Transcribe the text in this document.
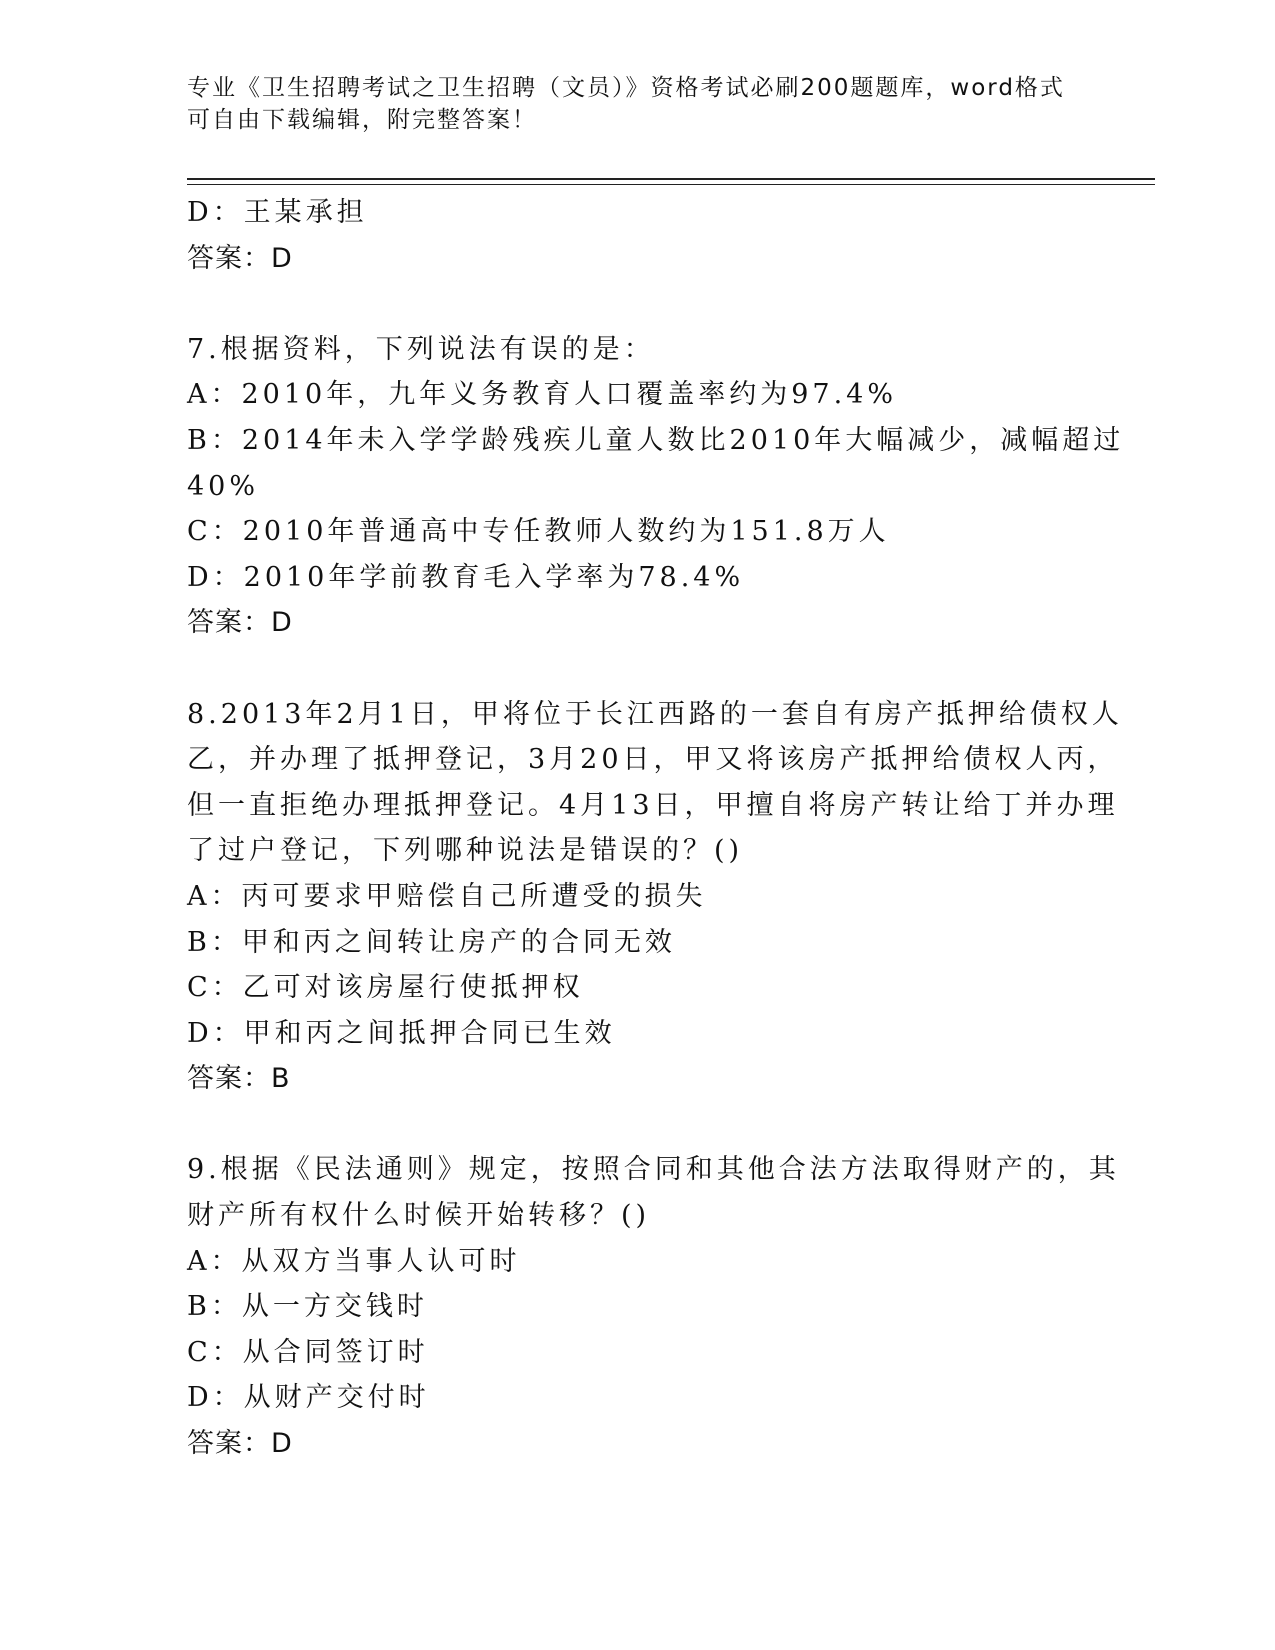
专业《卫生招聘考试之卫生招聘（文员）》资格考试必刷200题题库，word格式
可自由下载编辑，附完整答案！
D：王某承担
答案：D
7.根据资料，下列说法有误的是：
A：2010年，九年义务教育人口覆盖率约为97.4%
B：2014年未入学学龄残疾儿童人数比2010年大幅减少，减幅超过
40%
C：2010年普通高中专任教师人数约为151.8万人
D：2010年学前教育毛入学率为78.4%
答案：D
8.2013年2月1日，甲将位于长江西路的一套自有房产抵押给债权人
乙，并办理了抵押登记，3月20日，甲又将该房产抵押给债权人丙，
但一直拒绝办理抵押登记。4月13日，甲擅自将房产转让给丁并办理
了过户登记，下列哪种说法是错误的？()
A：丙可要求甲赔偿自己所遭受的损失
B：甲和丙之间转让房产的合同无效
C：乙可对该房屋行使抵押权
D：甲和丙之间抵押合同已生效
答案：B
9.根据《民法通则》规定，按照合同和其他合法方法取得财产的，其
财产所有权什么时候开始转移？()
A：从双方当事人认可时
B：从一方交钱时
C：从合同签订时
D：从财产交付时
答案：D
